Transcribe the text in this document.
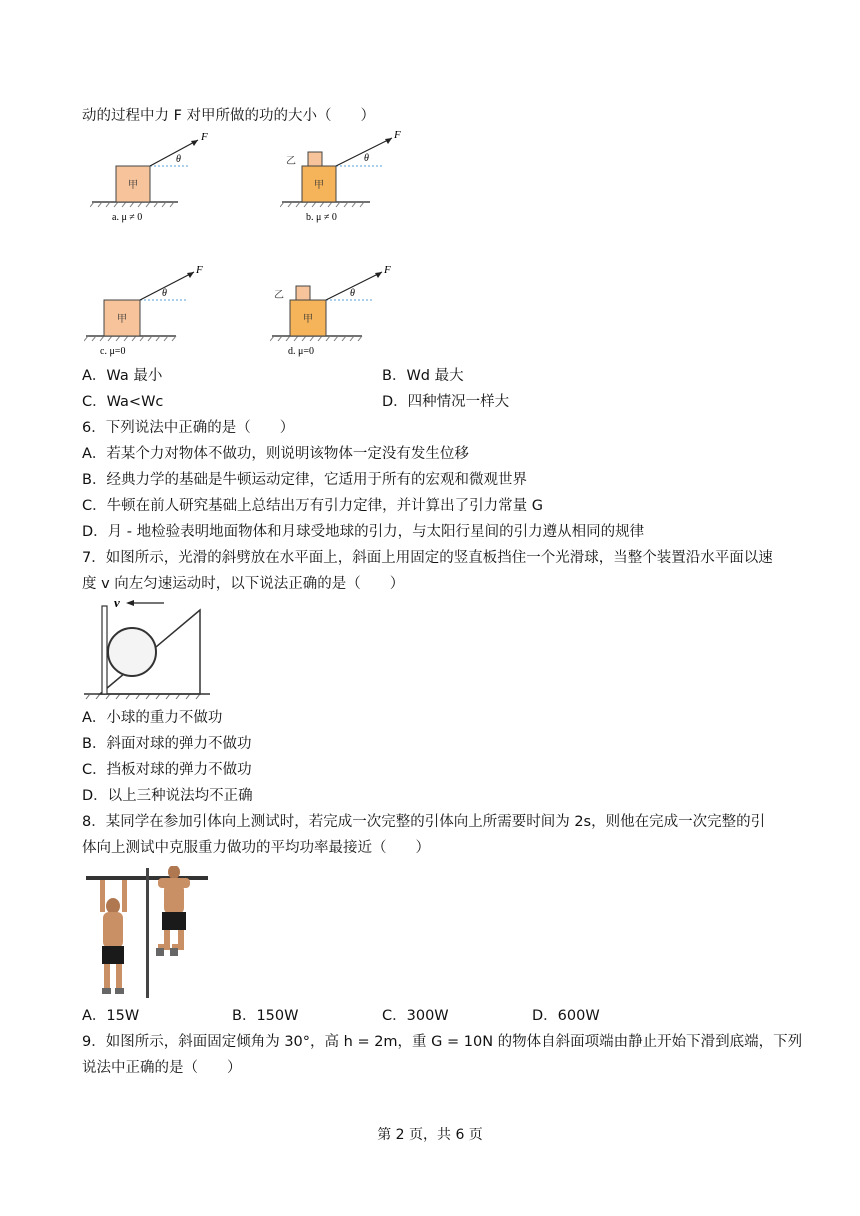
动的过程中力 F 对甲所做的功的大小（　　）
甲
F
θ
a. μ ≠ 0
甲
乙
F
θ
b. μ ≠ 0
甲
F
θ
c. μ=0
甲
乙
F
θ
d. μ=0
A．Wa 最小	B．Wd 最大
C．Wa<Wc	D．四种情况一样大
6．下列说法中正确的是（　　）
A．若某个力对物体不做功，则说明该物体一定没有发生位移
B．经典力学的基础是牛顿运动定律，它适用于所有的宏观和微观世界
C．牛顿在前人研究基础上总结出万有引力定律，并计算出了引力常量 G
D．月 - 地检验表明地面物体和月球受地球的引力，与太阳行星间的引力遵从相同的规律
7．如图所示，光滑的斜劈放在水平面上，斜面上用固定的竖直板挡住一个光滑球，当整个装置沿水平面以速
度 v 向左匀速运动时，以下说法正确的是（　　）
v
A．小球的重力不做功
B．斜面对球的弹力不做功
C．挡板对球的弹力不做功
D．以上三种说法均不正确
8．某同学在参加引体向上测试时，若完成一次完整的引体向上所需要时间为 2s，则他在完成一次完整的引
体向上测试中克服重力做功的平均功率最接近（　　）
A．15W	B．150W	C．300W	D．600W
9．如图所示，斜面固定倾角为 30°，高 h = 2m，重 G = 10N 的物体自斜面项端由静止开始下滑到底端，下列
说法中正确的是（　　）
第 2 页，共 6 页
